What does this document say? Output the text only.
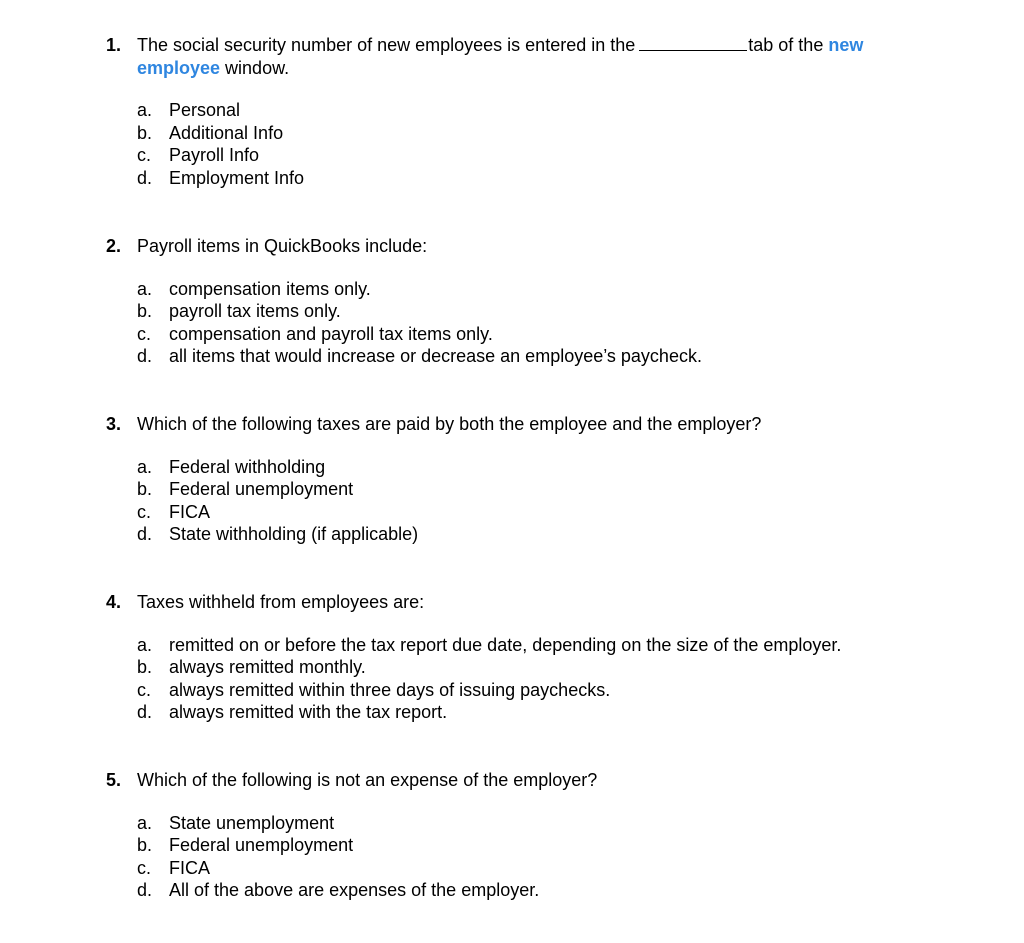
1. The social security number of new employees is entered in the	tab of the new employee window.
a. Personal
b. Additional Info
c. Payroll Info
d. Employment Info
2. Payroll items in QuickBooks include:
a. compensation items only.
b. payroll tax items only.
c. compensation and payroll tax items only.
d. all items that would increase or decrease an employee’s paycheck.
3. Which of the following taxes are paid by both the employee and the employer?
a. Federal withholding
b. Federal unemployment
c. FICA
d. State withholding (if applicable)
4. Taxes withheld from employees are:
a. remitted on or before the tax report due date, depending on the size of the employer.
b. always remitted monthly.
c. always remitted within three days of issuing paychecks.
d. always remitted with the tax report.
5. Which of the following is not an expense of the employer?
a. State unemployment
b. Federal unemployment
c. FICA
d. All of the above are expenses of the employer.
